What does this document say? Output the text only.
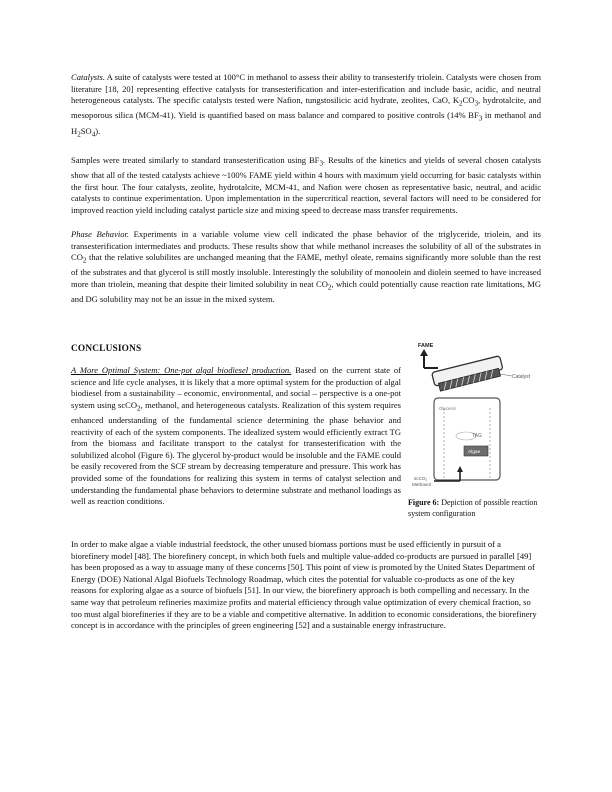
Catalysts. A suite of catalysts were tested at 100°C in methanol to assess their ability to transesterify triolein. Catalysts were chosen from literature [18, 20] representing effective catalysts for transesterification and inter-esterification and include basic, acidic, and neutral heterogeneous catalysts. The specific catalysts tested were Nafion, tungstosilicic acid hydrate, zeolites, CaO, $K_2CO_3$, hydrotalcite, and mesoporous silica (MCM-41). Yield is quantified based on mass balance and compared to positive controls (14% $BF_3$ in methanol and $H_2SO_4$).

Samples were treated similarly to standard transesterification using $BF_3$. Results of the kinetics and yields of several chosen catalysts show that all of the tested catalysts achieve ~100% FAME yield within 4 hours with maximum yield occurring for basic catalysts within the first hour. The four catalysts, zeolite, hydrotalcite, MCM-41, and Nafion were chosen as representative basic, neutral, and acidic catalysts to continue experimentation. Upon implementation in the supercritical reaction, several factors will need to be considered for improved reaction yield including catalyst particle size and mixing speed to decrease mass transfer requirements.

Phase Behavior. Experiments in a variable volume view cell indicated the phase behavior of the triglyceride, triolein, and its transesterification intermediates and products. These results show that while methanol increases the solubility of all of the substrates in $CO_2$ that the relative solubilites are unchanged meaning that the FAME, methyl oleate, remains significantly more soluble than the rest of the substrates and that glycerol is still mostly insoluble. Interestingly the solubility of monoolein and diolein seemed to have increased more than triolein, meaning that despite their limited solubility in neat $CO_2$, which could potentially cause reaction rate limitations, MG and DG solubility may not be an issue in the mixed system.

CONCLUSIONS

A More Optimal System: One-pot algal biodiesel production. Based on the current state of science and life cycle analyses, it is likely that a more optimal system for the production of algal biodiesel from a sustainability – economic, environmental, and social – perspective is a one-pot system using scCO$_2$, methanol, and heterogeneous catalysts. Realization of this system requires enhanced understanding of the fundamental science determining the phase behavior and reactivity of each of the system components. The idealized system would efficiently extract TG from the biomass and facilitate transport to the catalyst for transesterification with the solubilized alcohol (Figure 6). The glycerol by-product would be insoluble and the FAME could be easily recovered from the SCF stream by decreasing temperature and pressure. This work has provided some of the foundations for realizing this system in terms of catalyst selection and understanding the fundamental phase behaviors to determine substrate and methanol loadings as well as reaction conditions.

FAME
Catalyst
Glycerol
TAG
Algae
scCO₂
Methanol

Figure 6: Depiction of possible reaction system configuration

In order to make algae a viable industrial feedstock, the other unused biomass portions must be used efficiently in pursuit of a biorefinery model [48]. The biorefinery concept, in which both fuels and multiple value-added co-products are pursued in parallel [49] has been proposed as a way to assuage many of these concerns [50]. This point of view is promoted by the United States Department of Energy (DOE) National Algal Biofuels Technology Roadmap, which cites the potential for valuable co-products as one of the key reasons for exploring algae as a source of biofuels [51]. In our view, the biorefinery approach is both compelling and necessary. In the same way that petroleum refineries maximize profits and material efficiency through value optimization of every chemical fraction, so too must algal biorefineries if they are to be a viable and competitive alternative. In addition to economic considerations, the biorefinery concept is in accordance with the principles of green engineering [52] and a sustainable energy infrastructure.
